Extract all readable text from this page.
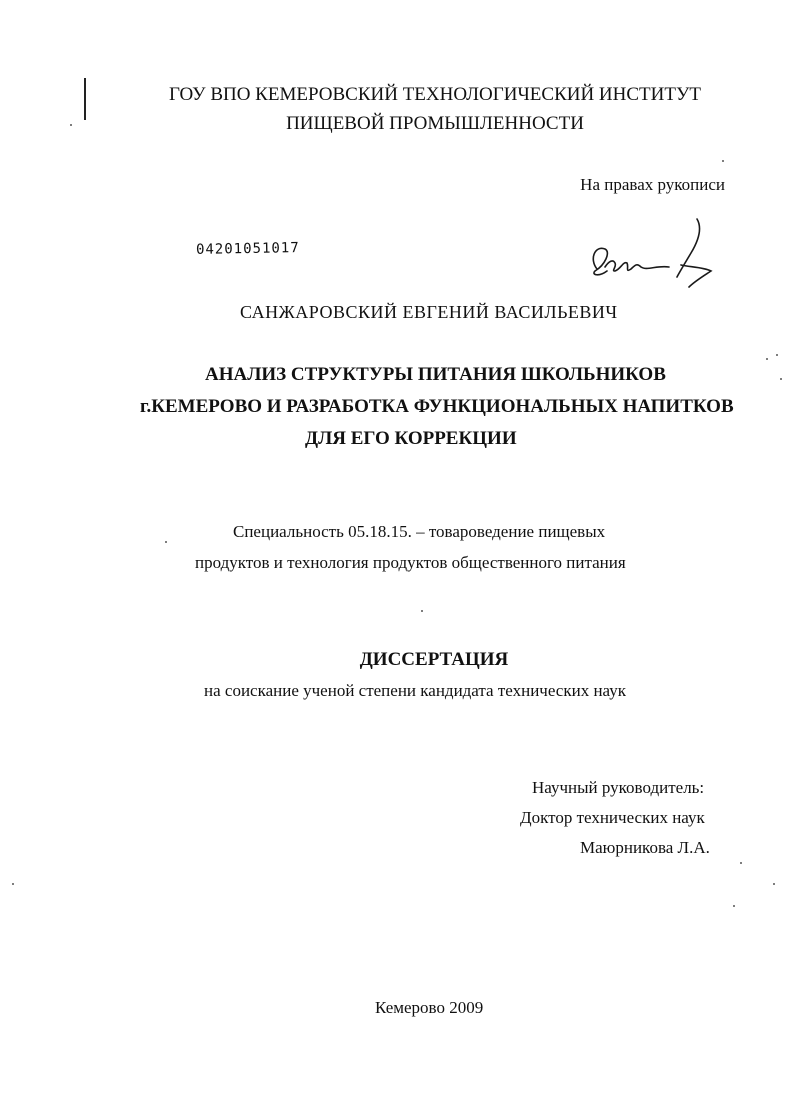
ГОУ ВПО КЕМЕРОВСКИЙ ТЕХНОЛОГИЧЕСКИЙ ИНСТИТУТ
ПИЩЕВОЙ ПРОМЫШЛЕННОСТИ
На правах рукописи
04201051017
САНЖАРОВСКИЙ ЕВГЕНИЙ ВАСИЛЬЕВИЧ
АНАЛИЗ СТРУКТУРЫ ПИТАНИЯ ШКОЛЬНИКОВ
г.КЕМЕРОВО И РАЗРАБОТКА ФУНКЦИОНАЛЬНЫХ НАПИТКОВ
ДЛЯ ЕГО КОРРЕКЦИИ
Специальность 05.18.15. – товароведение пищевых
продуктов и технология продуктов общественного питания
ДИССЕРТАЦИЯ
на соискание ученой степени кандидата технических наук
Научный руководитель:
Доктор технических наук
Маюрникова Л.А.
Кемерово 2009
